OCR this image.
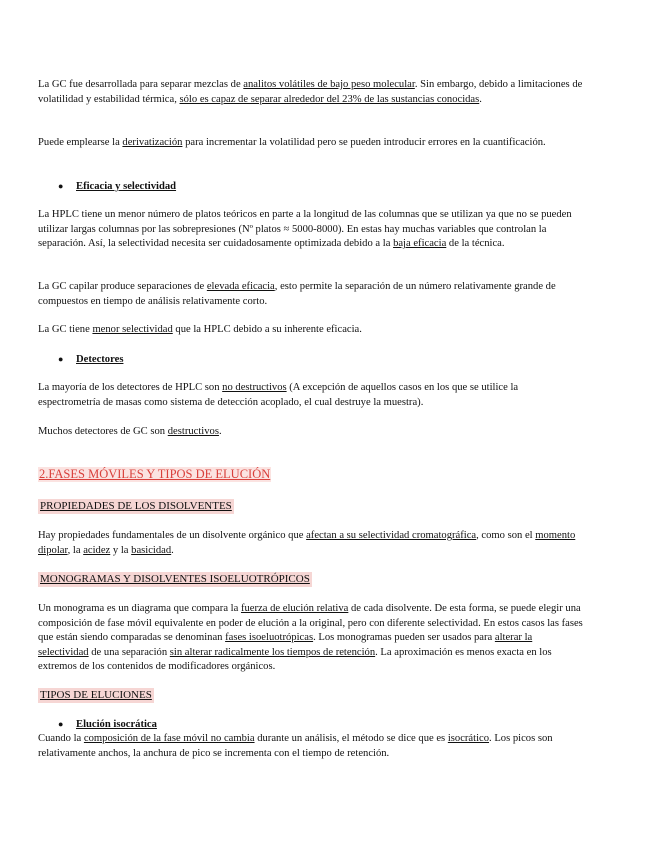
La GC fue desarrollada para separar mezclas de analitos volátiles de bajo peso molecular. Sin embargo, debido a limitaciones de volatilidad y estabilidad térmica, sólo es capaz de separar alrededor del 23% de las sustancias conocidas.

Puede emplearse la derivatización para incrementar la volatilidad pero se pueden introducir errores en la cuantificación.

● Eficacia y selectividad

La HPLC tiene un menor número de platos teóricos en parte a la longitud de las columnas que se utilizan ya que no se pueden utilizar largas columnas por las sobrepresiones (Nº platos ≈ 5000-8000). En estas hay muchas variables que controlan la separación. Así, la selectividad necesita ser cuidadosamente optimizada debido a la baja eficacia de la técnica.

La GC capilar produce separaciones de elevada eficacia, esto permite la separación de un número relativamente grande de compuestos en tiempo de análisis relativamente corto.

La GC tiene menor selectividad que la HPLC debido a su inherente eficacia.

● Detectores

La mayoría de los detectores de HPLC son no destructivos (A excepción de aquellos casos en los que se utilice la espectrometría de masas como sistema de detección acoplado, el cual destruye la muestra).

Muchos detectores de GC son destructivos.

2.FASES MÓVILES Y TIPOS DE ELUCIÓN

PROPIEDADES DE LOS DISOLVENTES

Hay propiedades fundamentales de un disolvente orgánico que afectan a su selectividad cromatográfica, como son el momento dipolar, la acidez y la basicidad.

MONOGRAMAS Y DISOLVENTES ISOELUOTRÓPICOS

Un monograma es un diagrama que compara la fuerza de elución relativa de cada disolvente. De esta forma, se puede elegir una composición de fase móvil equivalente en poder de elución a la original, pero con diferente selectividad. En estos casos las fases que están siendo comparadas se denominan fases isoeluotrópicas. Los monogramas pueden ser usados para alterar la selectividad de una separación sin alterar radicalmente los tiempos de retención. La aproximación es menos exacta en los extremos de los contenidos de modificadores orgánicos.

TIPOS DE ELUCIONES

● Elución isocrática

Cuando la composición de la fase móvil no cambia durante un análisis, el método se dice que es isocrático. Los picos son relativamente anchos, la anchura de pico se incrementa con el tiempo de retención.
